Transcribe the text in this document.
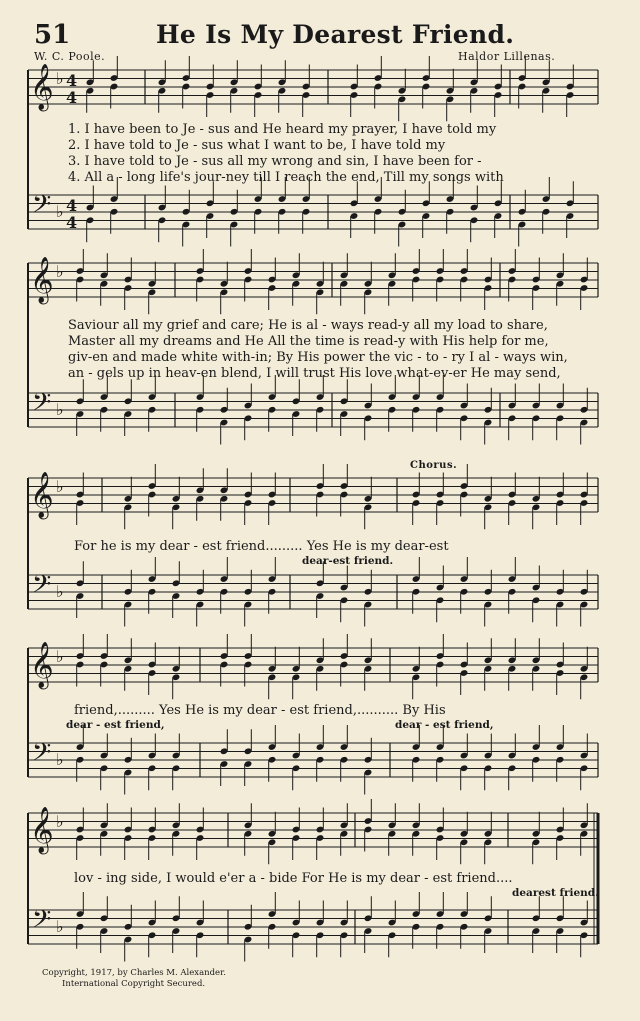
𝄞
𝄢
♭
♭
4
4
4
4
𝄞
𝄢
♭
♭
𝄞
𝄢
♭
♭
𝄞
𝄢
♭
♭
𝄞
𝄢
♭
♭
51	He Is My Dearest Friend.
W. C. Poole.	Haldor Lillenas.
1. I have been to Je - sus and He heard my prayer, I have told my
2. I have told to Je - sus what I want to be, I have told my
3. I have told to Je - sus all my wrong and sin, I have been for -
4. All a - long life's jour-ney till I reach the end, Till my songs with
Saviour all my grief and care; He is al - ways read-y all my load to share,
Master all my dreams and He All the time is read-y with His help for me,
giv-en and made white with-in; By His power the vic - to - ry I al - ways win,
an - gels up in heav-en blend, I will trust His love what-ev-er He may send,
Chorus.
For he is my dear - est friend......... Yes He is my dear-est
dear-est friend.
friend,......... Yes He is my dear - est friend,.......... By His
dear - est friend,	dear - est friend,
lov - ing side, I would e'er a - bide For He is my dear - est friend....
dearest friend.
Copyright, 1917, by Charles M. Alexander.
International Copyright Secured.
